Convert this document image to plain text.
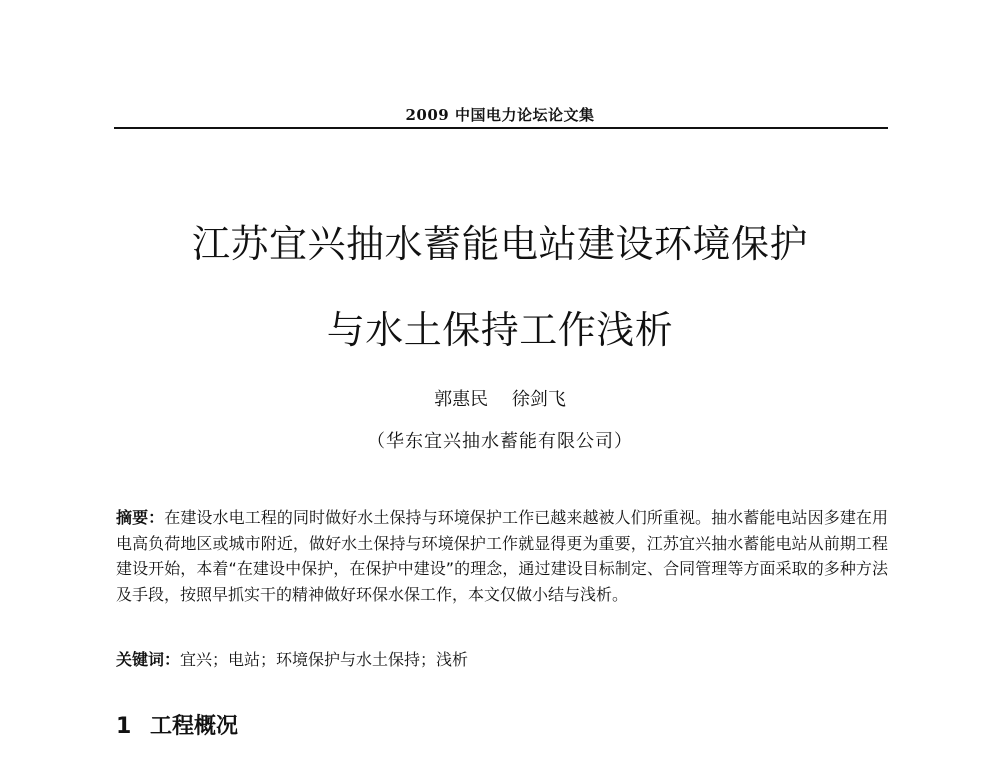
2009 中国电力论坛论文集
江苏宜兴抽水蓄能电站建设环境保护
与水土保持工作浅析
郭惠民 徐剑飞
（华东宜兴抽水蓄能有限公司）
摘要：在建设水电工程的同时做好水土保持与环境保护工作已越来越被人们所重视。抽水蓄能电站因多建在用电高负荷地区或城市附近，做好水土保持与环境保护工作就显得更为重要，江苏宜兴抽水蓄能电站从前期工程建设开始，本着“在建设中保护，在保护中建设”的理念，通过建设目标制定、合同管理等方面采取的多种方法及手段，按照早抓实干的精神做好环保水保工作，本文仅做小结与浅析。
关键词：宜兴；电站；环境保护与水土保持；浅析
1 工程概况
